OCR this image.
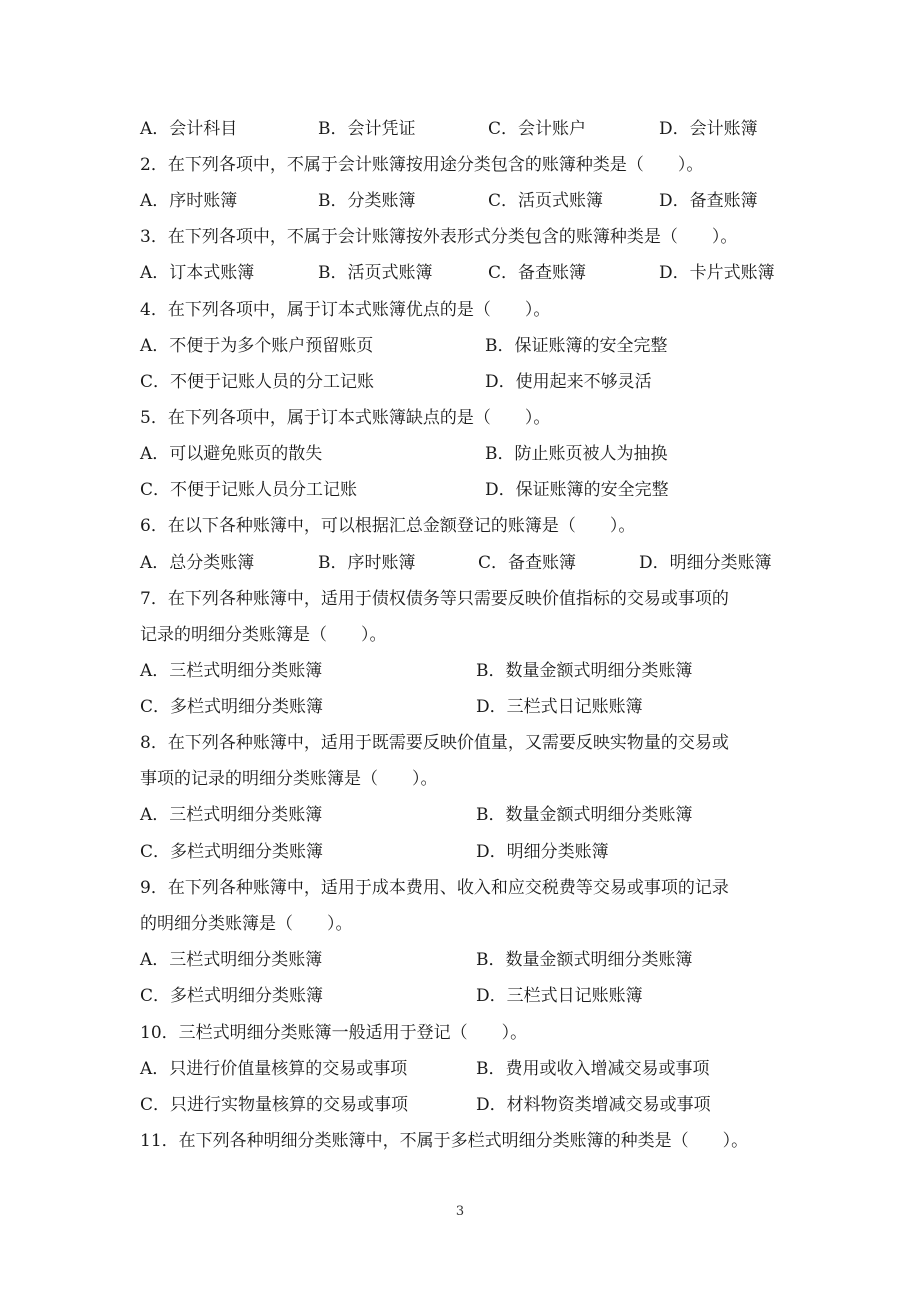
A．会计科目	B．会计凭证	C．会计账户	D．会计账簿
2．在下列各项中，不属于会计账簿按用途分类包含的账簿种类是（　　）。
A．序时账簿	B．分类账簿	C．活页式账簿	D．备查账簿
3．在下列各项中，不属于会计账簿按外表形式分类包含的账簿种类是（　　）。
A．订本式账簿	B．活页式账簿	C．备查账簿	D．卡片式账簿
4．在下列各项中，属于订本式账簿优点的是（　　）。
A．不便于为多个账户预留账页	B．保证账簿的安全完整
C．不便于记账人员的分工记账	D．使用起来不够灵活
5．在下列各项中，属于订本式账簿缺点的是（　　）。
A．可以避免账页的散失	B．防止账页被人为抽换
C．不便于记账人员分工记账	D．保证账簿的安全完整
6．在以下各种账簿中，可以根据汇总金额登记的账簿是（　　）。
A．总分类账簿	B．序时账簿	C．备查账簿	D．明细分类账簿
7．在下列各种账簿中，适用于债权债务等只需要反映价值指标的交易或事项的
记录的明细分类账簿是（　　）。
A．三栏式明细分类账簿	B．数量金额式明细分类账簿
C．多栏式明细分类账簿	D．三栏式日记账账簿
8．在下列各种账簿中，适用于既需要反映价值量，又需要反映实物量的交易或
事项的记录的明细分类账簿是（　　）。
A．三栏式明细分类账簿	B．数量金额式明细分类账簿
C．多栏式明细分类账簿	D．明细分类账簿
9．在下列各种账簿中，适用于成本费用、收入和应交税费等交易或事项的记录
的明细分类账簿是（　　）。
A．三栏式明细分类账簿	B．数量金额式明细分类账簿
C．多栏式明细分类账簿	D．三栏式日记账账簿
10．三栏式明细分类账簿一般适用于登记（　　）。
A．只进行价值量核算的交易或事项	B．费用或收入增减交易或事项
C．只进行实物量核算的交易或事项	D．材料物资类增减交易或事项
11．在下列各种明细分类账簿中，不属于多栏式明细分类账簿的种类是（　　）。
3
